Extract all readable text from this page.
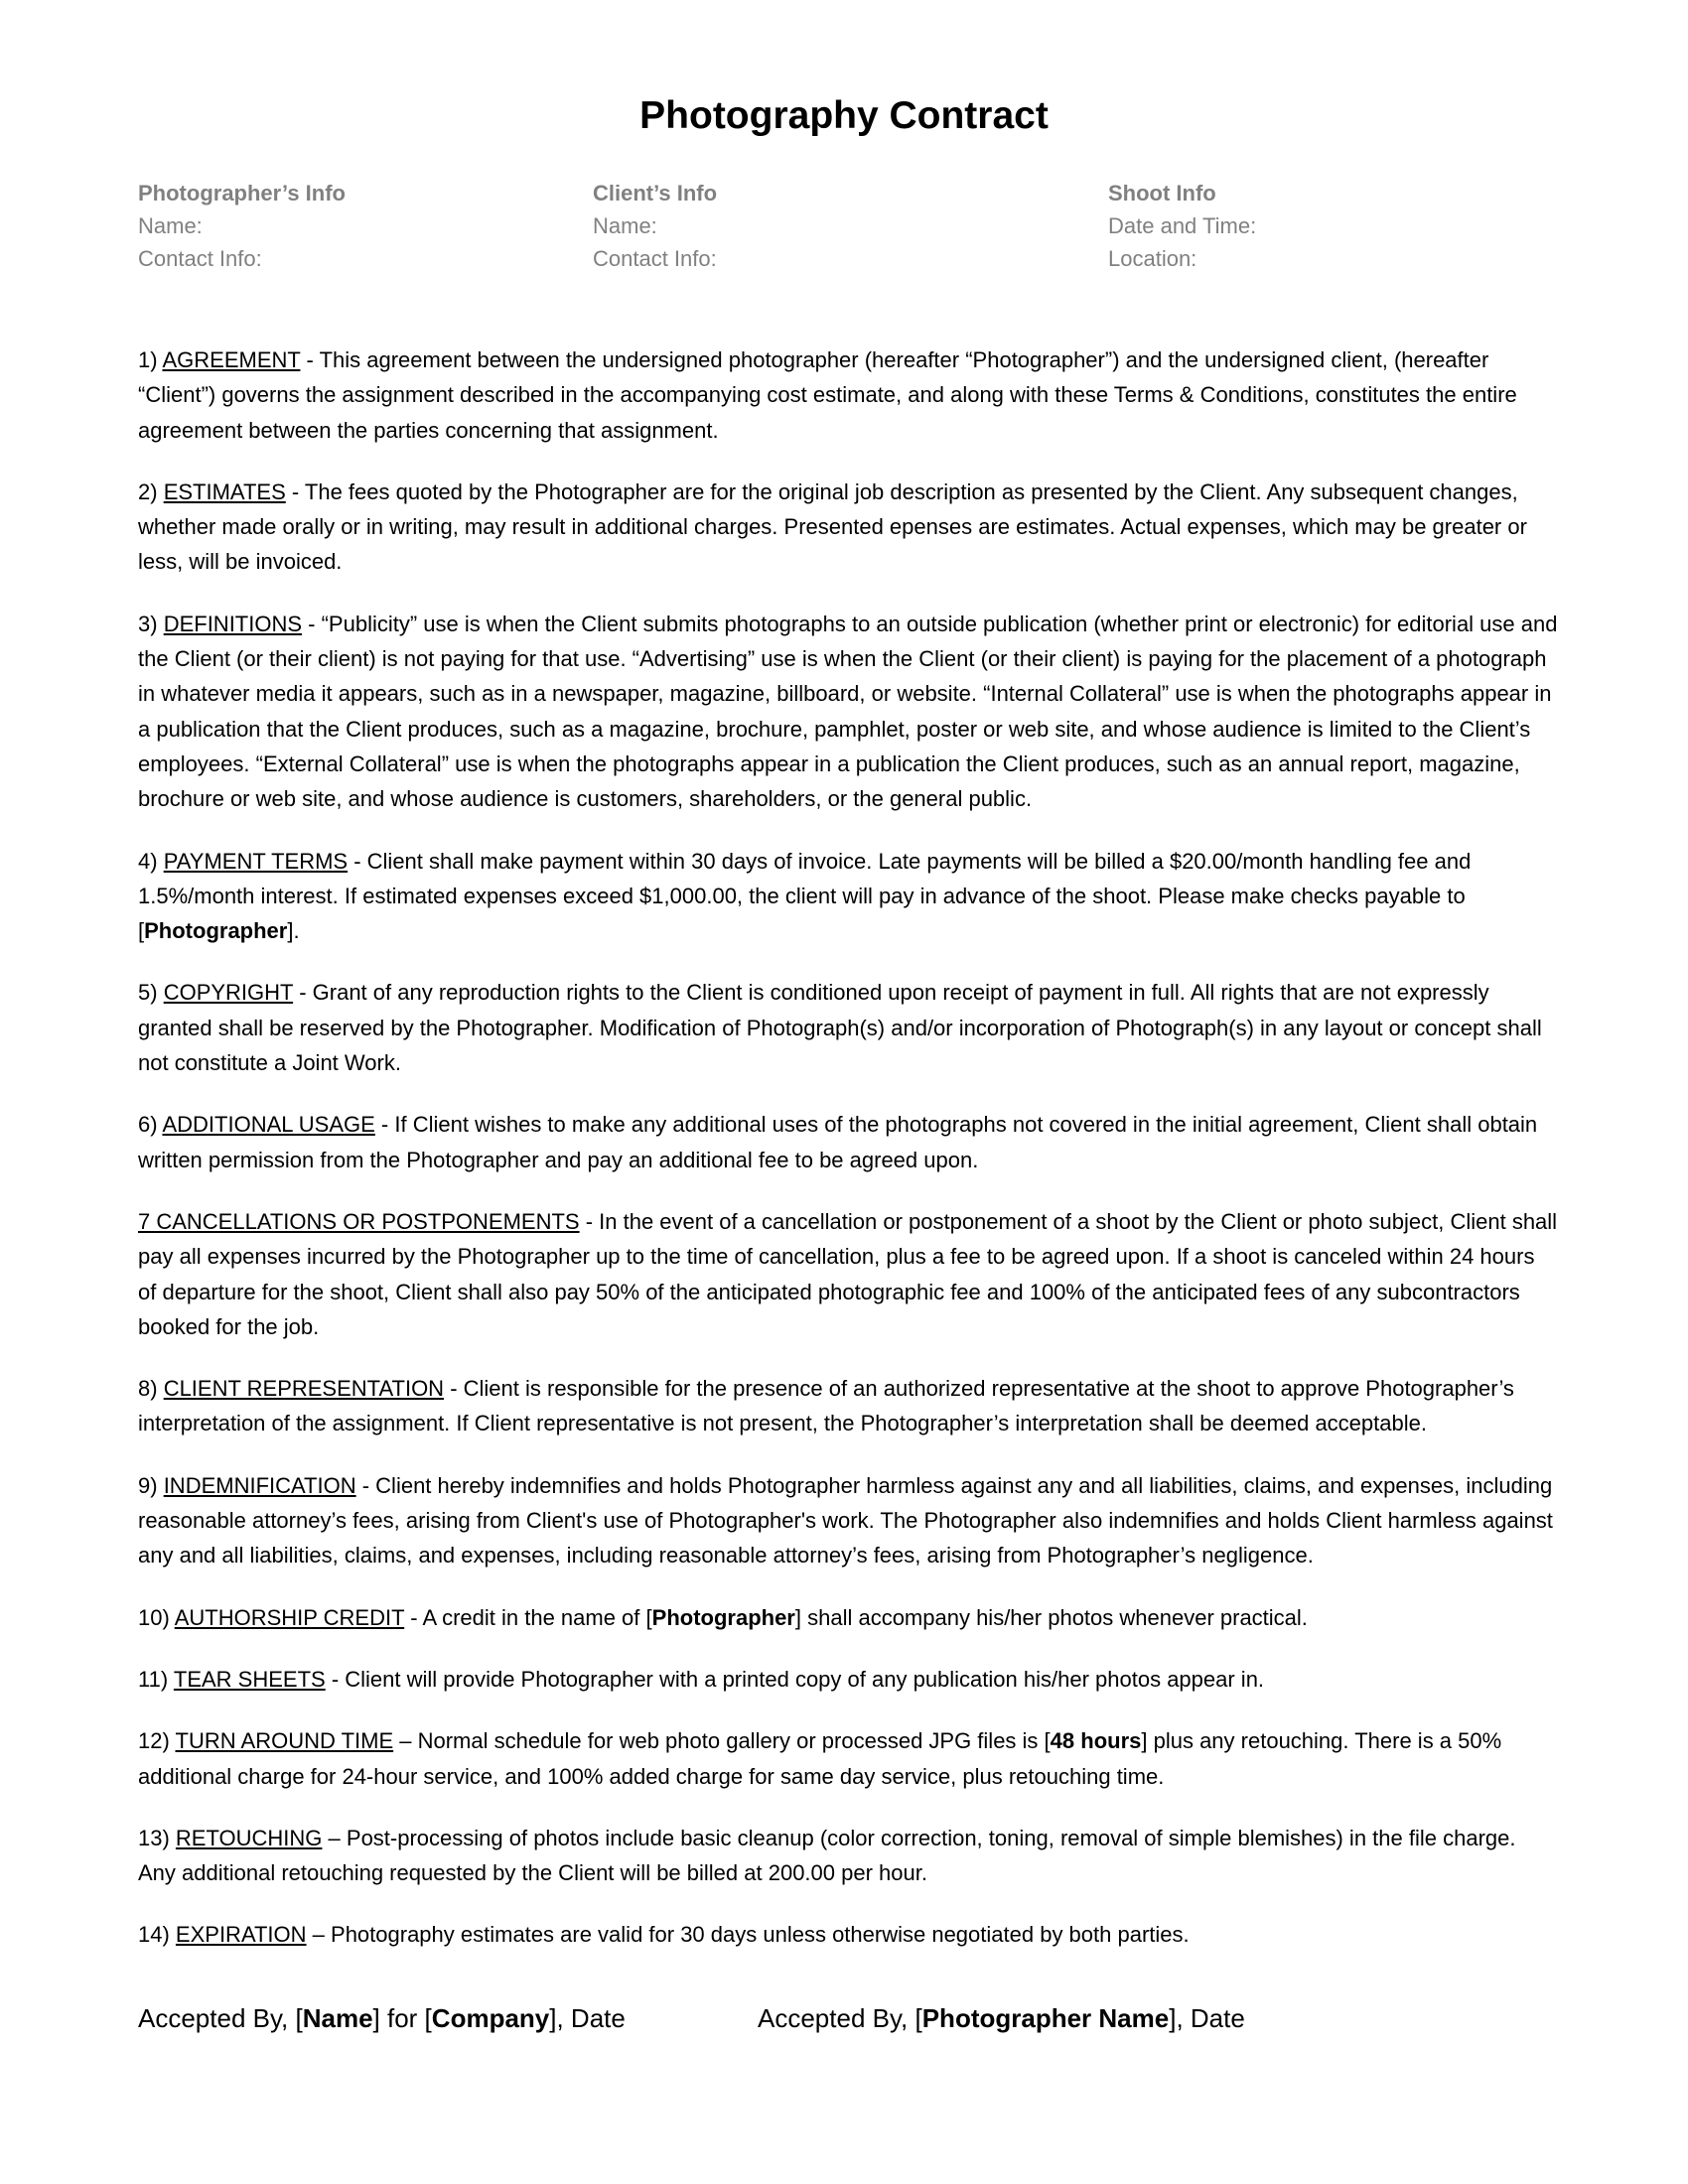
Photography Contract
Photographer’s Info
Name:
Contact Info:
Client’s Info
Name:
Contact Info:
Shoot Info
Date and Time:
Location:

1) AGREEMENT - This agreement between the undersigned photographer (hereafter “Photographer”) and the undersigned client, (hereafter “Client”) governs the assignment described in the accompanying cost estimate, and along with these Terms & Conditions, constitutes the entire agreement between the parties concerning that assignment.

2) ESTIMATES - The fees quoted by the Photographer are for the original job description as presented by the Client. Any subsequent changes, whether made orally or in writing, may result in additional charges. Presented epenses are estimates. Actual expenses, which may be greater or less, will be invoiced.

3) DEFINITIONS - “Publicity” use is when the Client submits photographs to an outside publication (whether print or electronic) for editorial use and the Client (or their client) is not paying for that use. “Advertising” use is when the Client (or their client) is paying for the placement of a photograph in whatever media it appears, such as in a newspaper, magazine, billboard, or website. “Internal Collateral” use is when the photographs appear in a publication that the Client produces, such as a magazine, brochure, pamphlet, poster or web site, and whose audience is limited to the Client’s employees. “External Collateral” use is when the photographs appear in a publication the Client produces, such as an annual report, magazine, brochure or web site, and whose audience is customers, shareholders, or the general public.

4) PAYMENT TERMS - Client shall make payment within 30 days of invoice. Late payments will be billed a $20.00/month handling fee and 1.5%/month interest. If estimated expenses exceed $1,000.00, the client will pay in advance of the shoot. Please make checks payable to [Photographer].

5) COPYRIGHT - Grant of any reproduction rights to the Client is conditioned upon receipt of payment in full. All rights that are not expressly granted shall be reserved by the Photographer. Modification of Photograph(s) and/or incorporation of Photograph(s) in any layout or concept shall not constitute a Joint Work.

6) ADDITIONAL USAGE - If Client wishes to make any additional uses of the photographs not covered in the initial agreement, Client shall obtain written permission from the Photographer and pay an additional fee to be agreed upon.

7 CANCELLATIONS OR POSTPONEMENTS - In the event of a cancellation or postponement of a shoot by the Client or photo subject, Client shall pay all expenses incurred by the Photographer up to the time of cancellation, plus a fee to be agreed upon. If a shoot is canceled within 24 hours of departure for the shoot, Client shall also pay 50% of the anticipated photographic fee and 100% of the anticipated fees of any subcontractors booked for the job.

8) CLIENT REPRESENTATION - Client is responsible for the presence of an authorized representative at the shoot to approve Photographer’s interpretation of the assignment. If Client representative is not present, the Photographer’s interpretation shall be deemed acceptable.

9) INDEMNIFICATION - Client hereby indemnifies and holds Photographer harmless against any and all liabilities, claims, and expenses, including reasonable attorney’s fees, arising from Client's use of Photographer's work. The Photographer also indemnifies and holds Client harmless against any and all liabilities, claims, and expenses, including reasonable attorney’s fees, arising from Photographer’s negligence.

10) AUTHORSHIP CREDIT - A credit in the name of [Photographer] shall accompany his/her photos whenever practical.

11) TEAR SHEETS - Client will provide Photographer with a printed copy of any publication his/her photos appear in.

12) TURN AROUND TIME – Normal schedule for web photo gallery or processed JPG files is [48 hours] plus any retouching. There is a 50% additional charge for 24-hour service, and 100% added charge for same day service, plus retouching time.

13) RETOUCHING – Post-processing of photos include basic cleanup (color correction, toning, removal of simple blemishes) in the file charge. Any additional retouching requested by the Client will be billed at 200.00 per hour.

14) EXPIRATION – Photography estimates are valid for 30 days unless otherwise negotiated by both parties.

Accepted By, [Name] for [Company], Date	Accepted By, [Photographer Name], Date
